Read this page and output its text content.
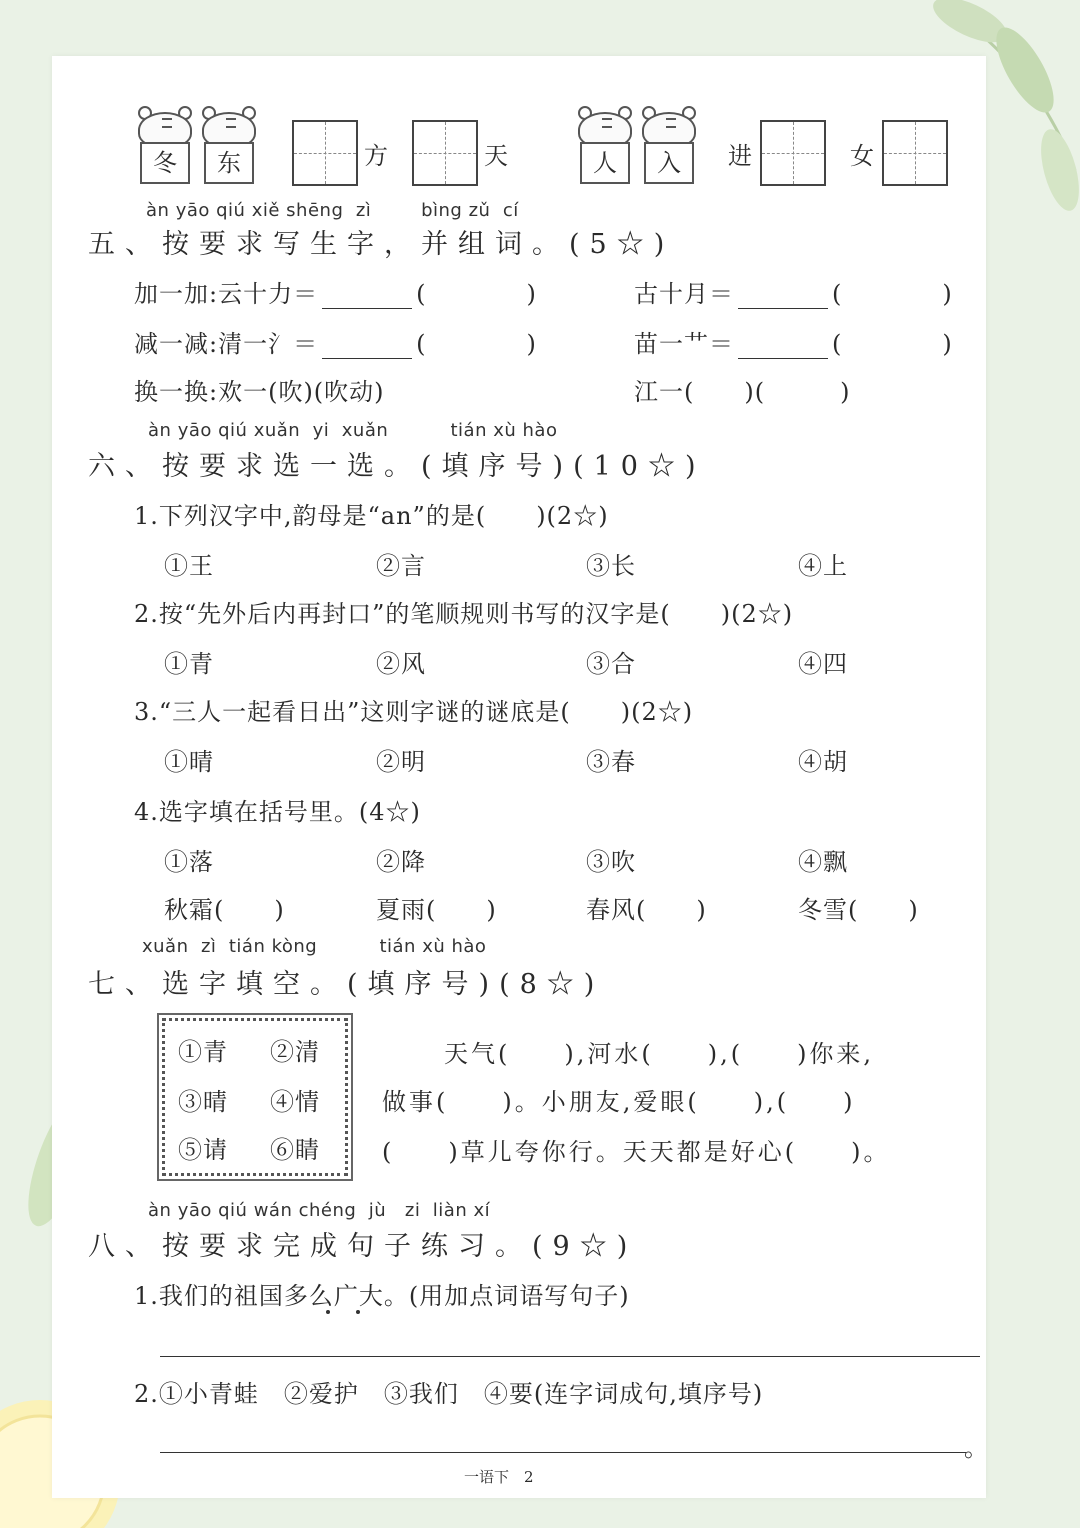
冬	东	方	天	人	入	进	女
àn yāo qiú xiě shēng zì	bìng zǔ cí
五、按要求写生字，并组词。(5☆)
加一加:云十力＝	(　　　　)	古十月＝	(　　　　)
减一减:清一氵＝	(　　　　)	苗一艹＝	(　　　　)
换一换:欢一(吹)(吹动)	江一(　　)(　　　)
àn yāo qiú xuǎn yi xuǎn	tián xù hào
六、按要求选一选。(填序号)(10☆)
1.下列汉字中,韵母是“an”的是(　　)(2☆)
①王	②言	③长	④上
2.按“先外后内再封口”的笔顺规则书写的汉字是(　　)(2☆)
①青	②风	③合	④四
3.“三人一起看日出”这则字谜的谜底是(　　)(2☆)
①晴	②明	③春	④胡
4.选字填在括号里。(4☆)
①落	②降	③吹	④飘
秋霜(　　)	夏雨(　　)	春风(　　)	冬雪(　　)
xuǎn zì tián kòng	tián xù hào
七、选字填空。(填序号)(8☆)
①青 ②清
③晴 ④情
⑤请 ⑥睛
天气(　　),河水(　　),(　　)你来,
做事(　　)。小朋友,爱眼(　　),(　　)
(　　)草儿夸你行。天天都是好心(　　)。
àn yāo qiú wán chéng jù zi liàn xí
八、按要求完成句子练习。(9☆)
1.我们的祖国多么广大。(用加点词语写句子)
2.①小青蛙　②爱护　③我们　④要(连字词成句,填序号)
。
一语下　2
